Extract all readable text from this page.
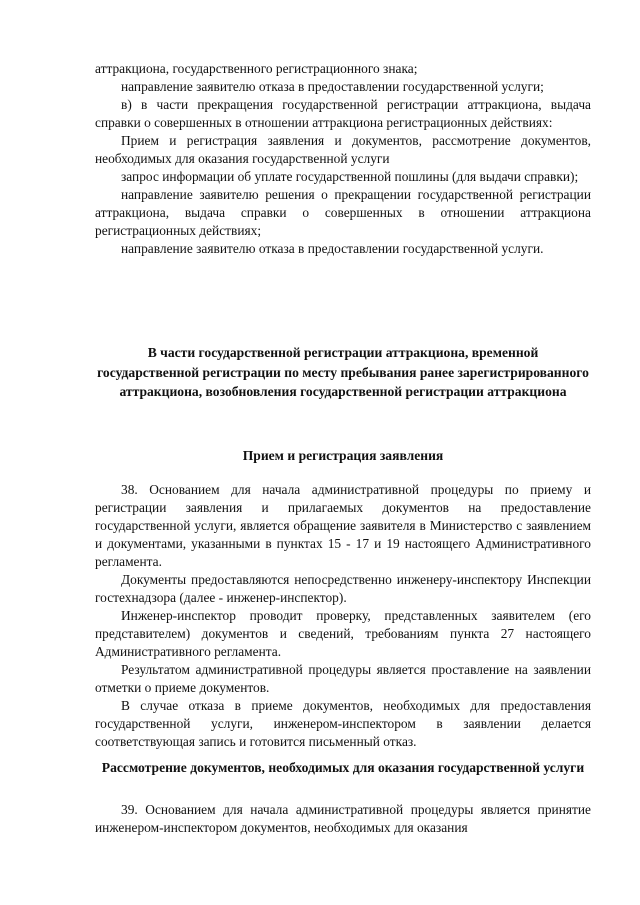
аттракциона, государственного регистрационного знака;

направление заявителю отказа в предоставлении государственной услуги;

в) в части прекращения государственной регистрации аттракциона, выдача справки о совершенных в отношении аттракциона регистрационных действиях:

Прием и регистрация заявления и документов, рассмотрение документов, необходимых для оказания государственной услуги

запрос информации об уплате государственной пошлины (для выдачи справки);

направление заявителю решения о прекращении государственной регистрации аттракциона, выдача справки о совершенных в отношении аттракциона регистрационных действиях;

направление заявителю отказа в предоставлении государственной услуги.

В части государственной регистрации аттракциона, временной государственной регистрации по месту пребывания ранее зарегистрированного аттракциона, возобновления государственной регистрации аттракциона

Прием и регистрация заявления

38. Основанием для начала административной процедуры по приему и регистрации заявления и прилагаемых документов на предоставление государственной услуги, является обращение заявителя в Министерство с заявлением и документами, указанными в пунктах 15 - 17 и 19 настоящего Административного регламента.

Документы предоставляются непосредственно инженеру-инспектору Инспекции гостехнадзора (далее - инженер-инспектор).

Инженер-инспектор проводит проверку, представленных заявителем (его представителем) документов и сведений, требованиям пункта 27 настоящего Административного регламента.

Результатом административной процедуры является проставление на заявлении отметки о приеме документов.

В случае отказа в приеме документов, необходимых для предоставления государственной услуги, инженером-инспектором в заявлении делается соответствующая запись и готовится письменный отказ.

Рассмотрение документов, необходимых для оказания государственной услуги

39. Основанием для начала административной процедуры является принятие инженером-инспектором документов, необходимых для оказания
